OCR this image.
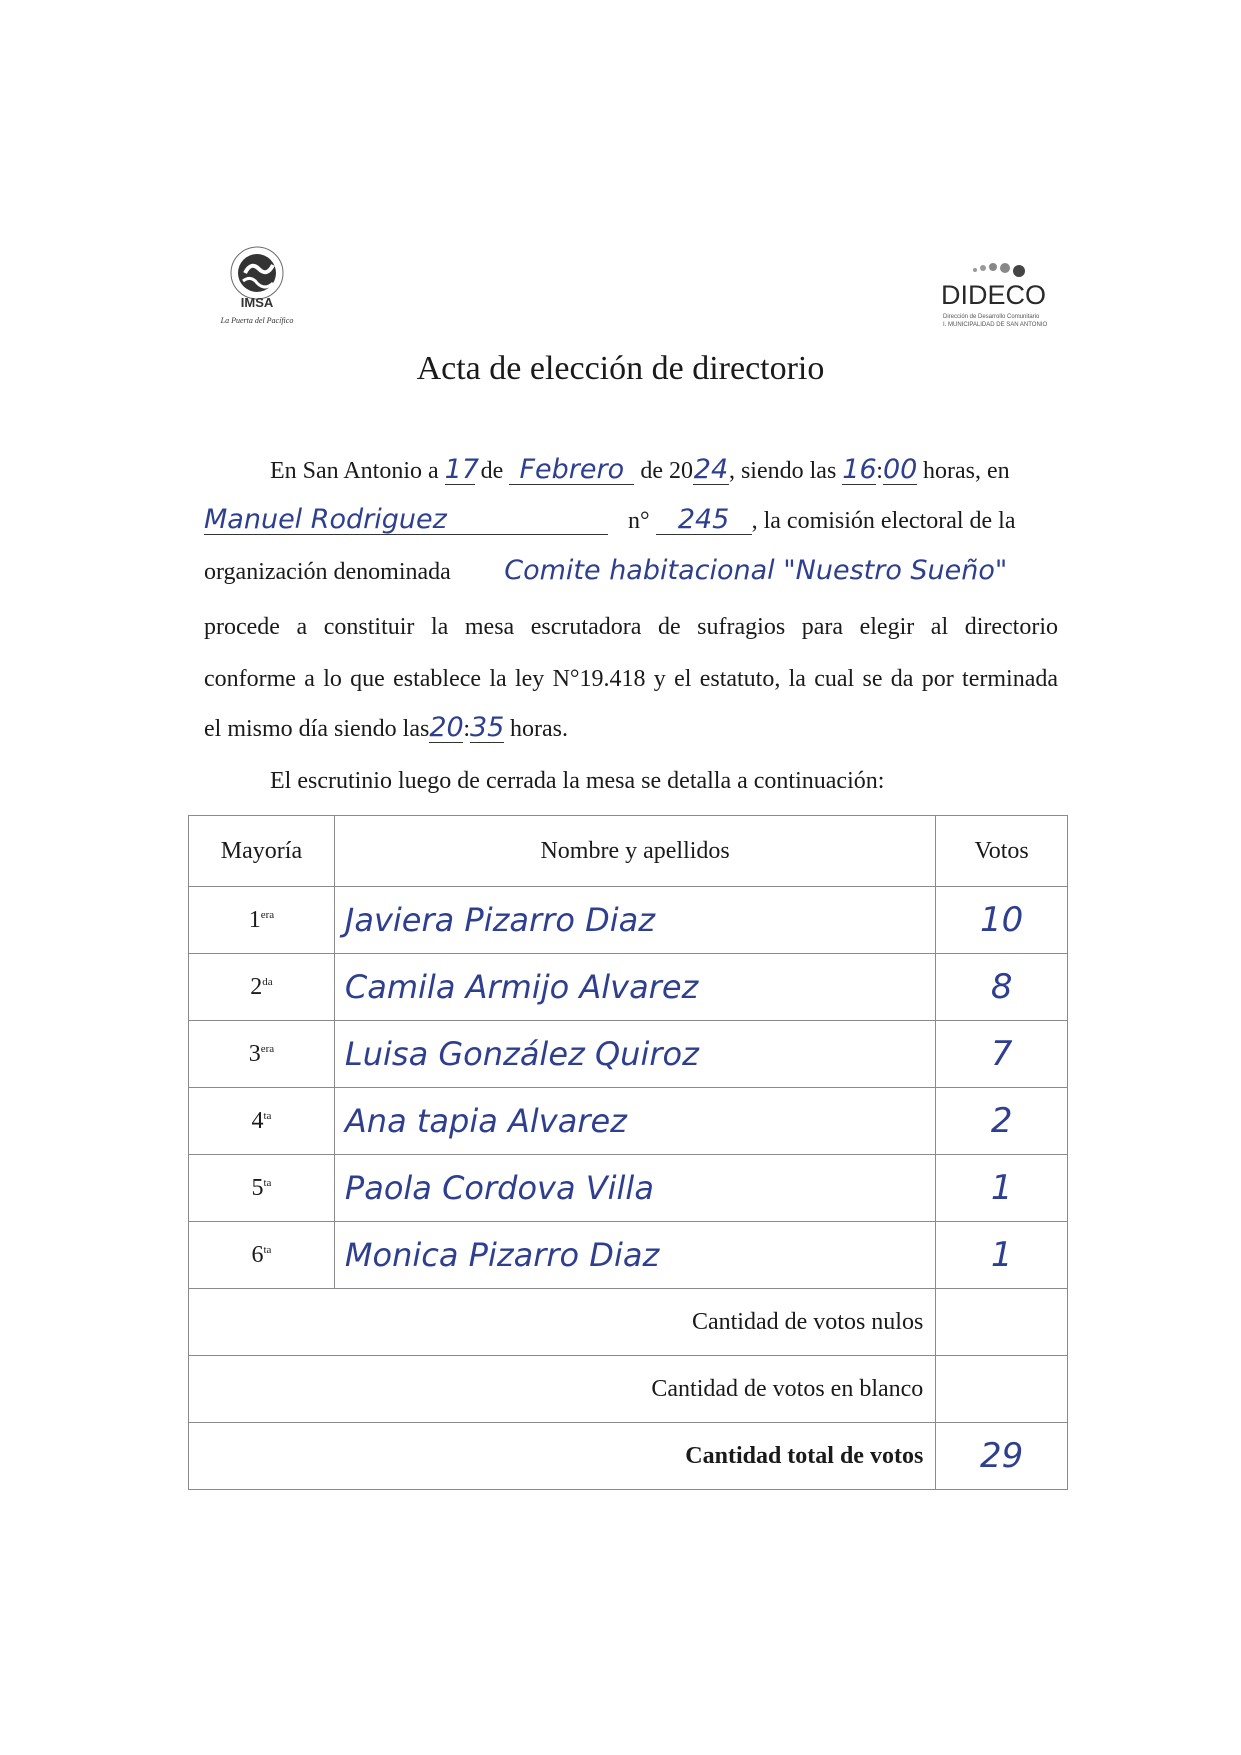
IMSA
La Puerta del Pacífico
DIDECO
Dirección de Desarrollo Comunitario
I. MUNICIPALIDAD DE SAN ANTONIO
Acta de elección de directorio
En San Antonio a 17 de Febrero de 2024, siendo las 16:00 horas, en
Manuel Rodriguez	n° 245 , la comisión electoral de la
organización denominada Comite habitacional "Nuestro Sueño"
procede a constituir la mesa escrutadora de sufragios para elegir al directorio
conforme a lo que establece la ley N°19.418 y el estatuto, la cual se da por terminada
el mismo día siendo las20:35 horas.
El escrutinio luego de cerrada la mesa se detalla a continuación:
Mayoría	Nombre y apellidos	Votos
$1^{era}$	Javiera Pizarro Diaz	10
$2^{da}$	Camila Armijo Alvarez	8
$3^{era}$	Luisa González Quiroz	7
$4^{ta}$	Ana tapia Alvarez	2
$5^{ta}$	Paola Cordova Villa	1
$6^{ta}$	Monica Pizarro Diaz	1
Cantidad de votos nulos		
Cantidad de votos en blanco		
Cantidad total de votos		29
